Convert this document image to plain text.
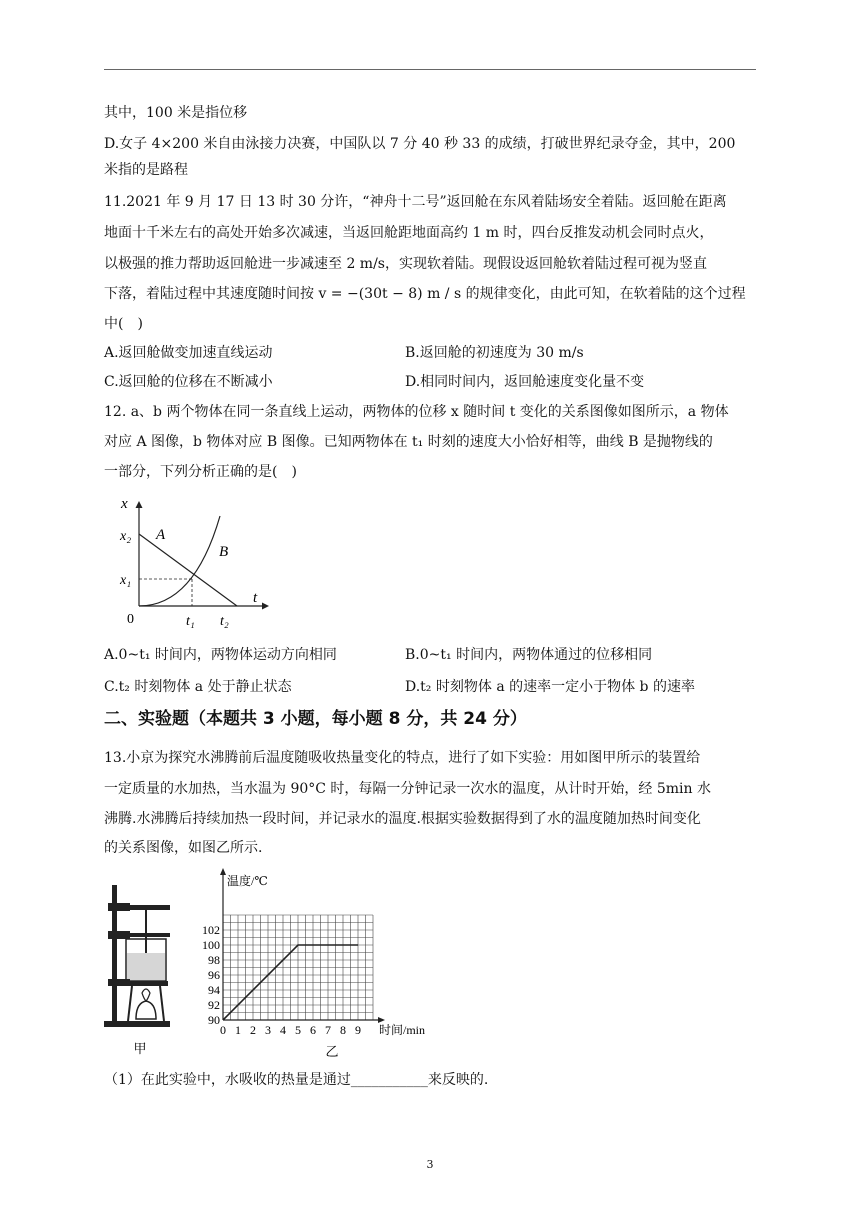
其中，100 米是指位移
D.女子 4×200 米自由泳接力决赛，中国队以 7 分 40 秒 33 的成绩，打破世界纪录夺金，其中，200
米指的是路程
11.2021 年 9 月 17 日 13 时 30 分许，“神舟十二号”返回舱在东风着陆场安全着陆。返回舱在距离
地面十千米左右的高处开始多次减速，当返回舱距地面高约 1 m 时，四台反推发动机会同时点火，
以极强的推力帮助返回舱进一步减速至 2 m/s，实现软着陆。现假设返回舱软着陆过程可视为竖直
下落，着陆过程中其速度随时间按 v = −(30t − 8) m / s 的规律变化，由此可知，在软着陆的这个过程
中(　)
A.返回舱做变加速直线运动	B.返回舱的初速度为 30 m/s
C.返回舱的位移在不断减小	D.相同时间内，返回舱速度变化量不变
12. a、b 两个物体在同一条直线上运动，两物体的位移 x 随时间 t 变化的关系图像如图所示，a 物体
对应 A 图像，b 物体对应 B 图像。已知两物体在 t₁ 时刻的速度大小恰好相等，曲线 B 是抛物线的
一部分，下列分析正确的是(　)
x
t
0
x₂
x₁
t₁ t₂
A
B
A.0~t₁ 时间内，两物体运动方向相同	B.0~t₁ 时间内，两物体通过的位移相同
C.t₂ 时刻物体 a 处于静止状态	D.t₂ 时刻物体 a 的速率一定小于物体 b 的速率
二、实验题（本题共 3 小题，每小题 8 分，共 24 分）
13.小京为探究水沸腾前后温度随吸收热量变化的特点，进行了如下实验：用如图甲所示的装置给
一定质量的水加热，当水温为 90°C 时，每隔一分钟记录一次水的温度，从计时开始，经 5min 水
沸腾.水沸腾后持续加热一段时间，并记录水的温度.根据实验数据得到了水的温度随加热时间变化
的关系图像，如图乙所示.
甲
0 1 2 3 4 5 6 7 8 9
90
92
94
96
98
100
102
温度/℃
时间/min
乙
（1）在此实验中，水吸收的热量是通过___________来反映的.
3
